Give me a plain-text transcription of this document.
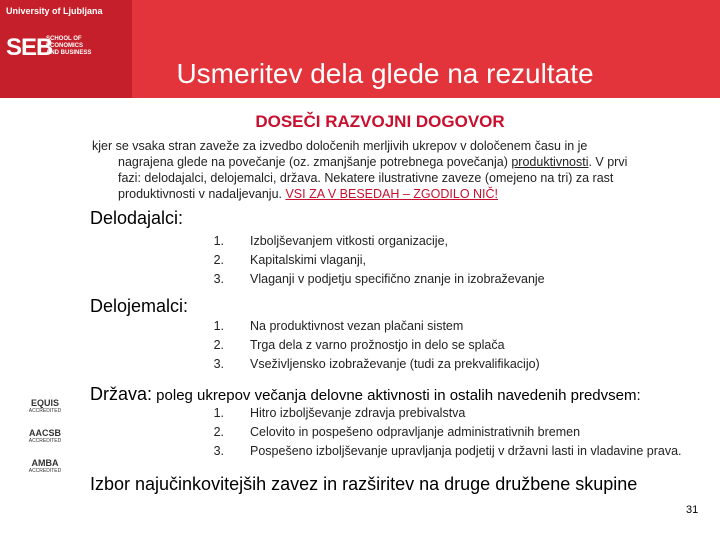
University of Ljubljana
SEB
SCHOOL OF
ECONOMICS
AND BUSINESS
Usmeritev dela glede na rezultate
DOSEČI RAZVOJNI DOGOVOR
kjer se vsaka stran zaveže za izvedbo določenih merljivih ukrepov v določenem času in je
nagrajena glede na povečanje (oz. zmanjšanje potrebnega povečanja) produktivnosti. V prvi
fazi: delodajalci, delojemalci, država. Nekatere ilustrativne zaveze (omejeno na tri) za rast
produktivnosti v nadaljevanju. VSI ZA V BESEDAH – ZGODILO NIČ!
Delodajalci:
1.	Izboljševanjem vitkosti organizacije,
2.	Kapitalskimi vlaganji,
3.	Vlaganji v podjetju specifično znanje in izobraževanje
Delojemalci:
1.	Na produktivnost vezan plačani sistem
2.	Trga dela z varno prožnostjo in delo se splača
3.	Vseživljensko izobraževanje (tudi za prekvalifikacijo)
Država: poleg ukrepov večanja delovne aktivnosti in ostalih navedenih predvsem:
1.	Hitro izboljševanje zdravja prebivalstva
2.	Celovito in pospešeno odpravljanje administrativnih bremen
3.	Pospešeno izboljševanje upravljanja podjetij v državni lasti in vladavine prava.
EQUIS
ACCREDITED
AACSB
ACCREDITED
AMBA
ACCREDITED
Izbor najučinkovitejših zavez in razširitev na druge družbene skupine
31
